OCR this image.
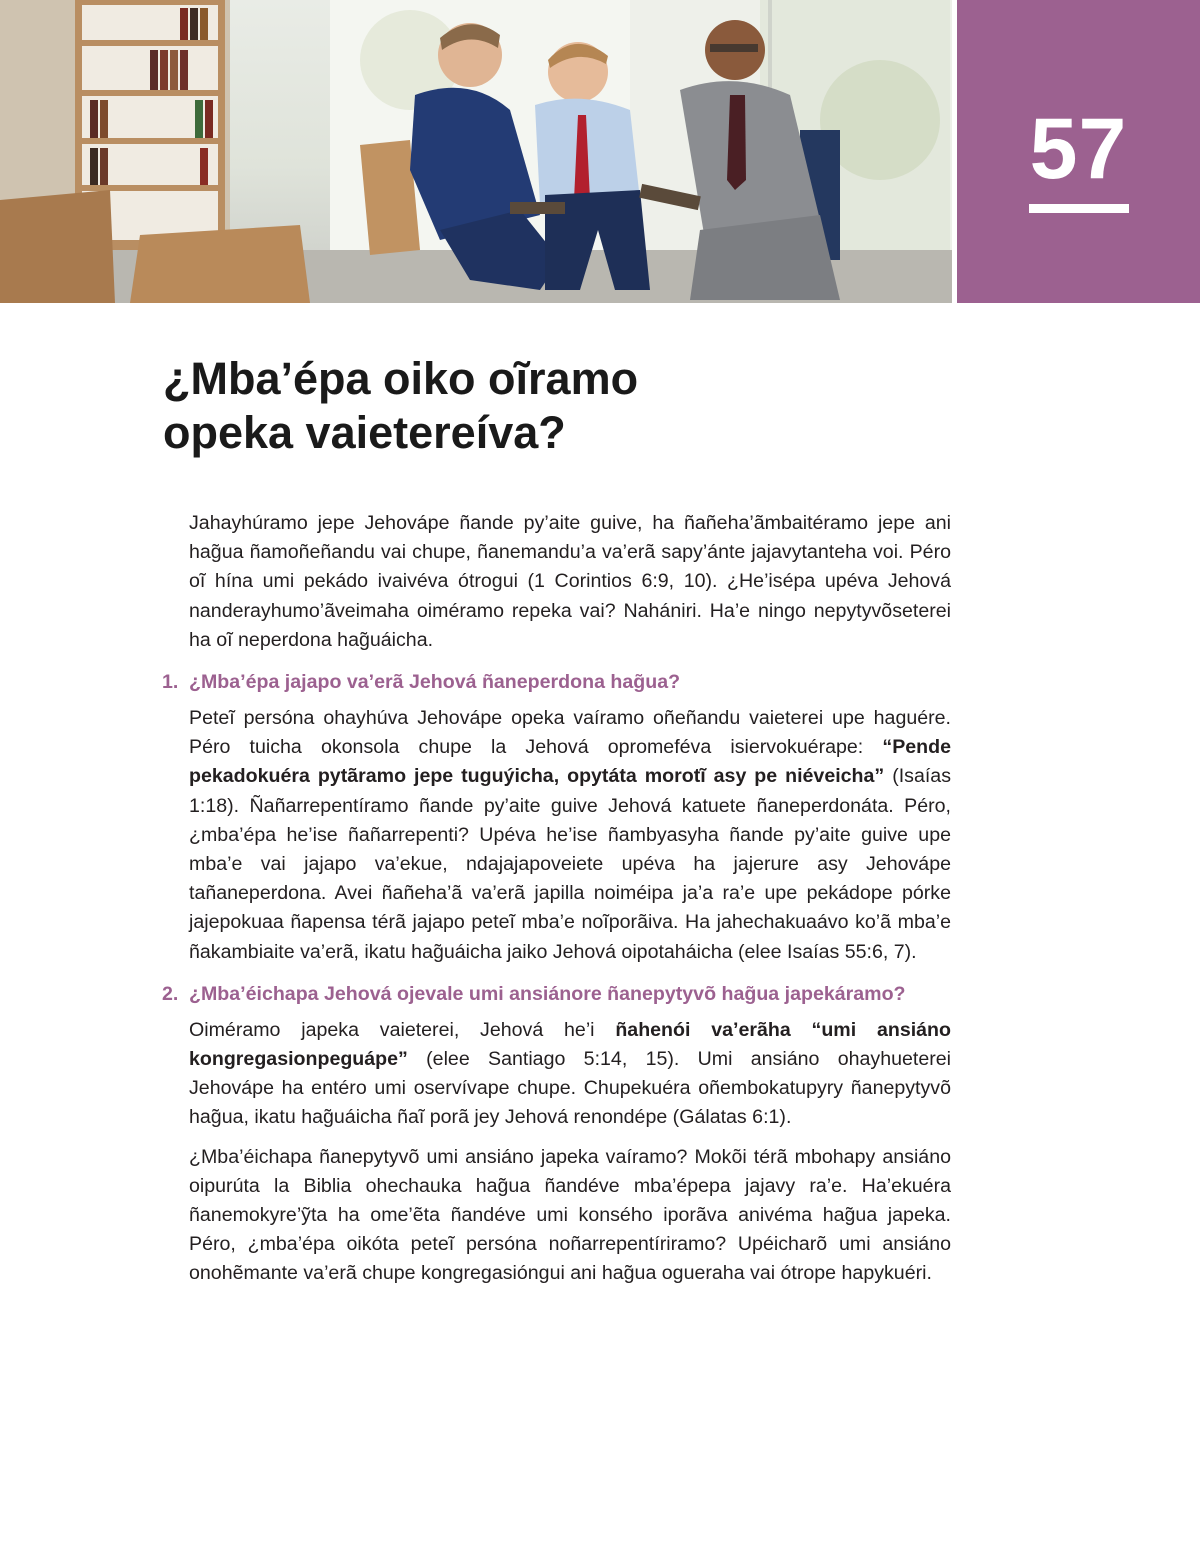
57
¿Mba’épa oiko oĩramo
opeka vaietereíva?

Jahayhúramo jepe Jehovápe ñande py’aite guive, ha ñañeha’ãmbaitéramo jepe ani hag̃ua ñamoñeñandu vai chupe, ñanemandu’a va’erã sapy’ánte jajavytanteha voi. Péro oĩ hína umi pekádo ivaivéva ótrogui (1 Corintios 6:9, 10). ¿He’isépa upéva Jehová nanderayhumo’ãveimaha oiméramo repeka vai? Nahániri. Ha’e ningo nepytyvõseterei ha oĩ neperdona hag̃uáicha.

1. ¿Mba’épa jajapo va’erã Jehová ñaneperdona hag̃ua?

Peteĩ persóna ohayhúva Jehovápe opeka vaíramo oñeñandu vaieterei upe haguére. Péro tuicha okonsola chupe la Jehová opromeféva isiervokuérape: “Pende pekadokuéra pytãramo jepe tuguýicha, opytáta morotĩ asy pe niéveicha” (Isaías 1:18). Ñañarrepentíramo ñande py’aite guive Jehová katuete ñaneperdonáta. Péro, ¿mba’épa he’ise ñañarrepenti? Upéva he’ise ñambyasyha ñande py’aite guive upe mba’e vai jajapo va’ekue, ndajajapoveiete upéva ha jajerure asy Jehovápe tañaneperdona. Avei ñañeha’ã va’erã japilla noiméipa ja’a ra’e upe pekádope pórke jajepokuaa ñapensa térã jajapo peteĩ mba’e noĩporãiva. Ha jahechakuaávo ko’ã mba’e ñakambiaite va’erã, ikatu hag̃uáicha jaiko Jehová oipotaháicha (elee Isaías 55:6, 7).

2. ¿Mba’éichapa Jehová ojevale umi ansiánore ñanepytyvõ hag̃ua japekáramo?

Oiméramo japeka vaieterei, Jehová he’i ñahenói va’erãha “umi ansiáno kongregasionpeguápe” (elee Santiago 5:14, 15). Umi ansiáno ohayhueterei Jehovápe ha entéro umi oservívape chupe. Chupekuéra oñembokatupyry ñanepytyvõ hag̃ua, ikatu hag̃uáicha ñaĩ porã jey Jehová renondépe (Gálatas 6:1).

¿Mba’éichapa ñanepytyvõ umi ansiáno japeka vaíramo? Mokõi térã mbohapy ansiáno oipurúta la Biblia ohechauka hag̃ua ñandéve mba’épepa jajavy ra’e. Ha’ekuéra ñanemokyre’ỹta ha ome’ẽta ñandéve umi konsého iporãva anivéma hag̃ua japeka. Péro, ¿mba’épa oikóta peteĩ persóna noñarrepentíriramo? Upéicharõ umi ansiáno onohẽmante va’erã chupe kongregasióngui ani hag̃ua ogueraha vai ótrope hapykuéri.
